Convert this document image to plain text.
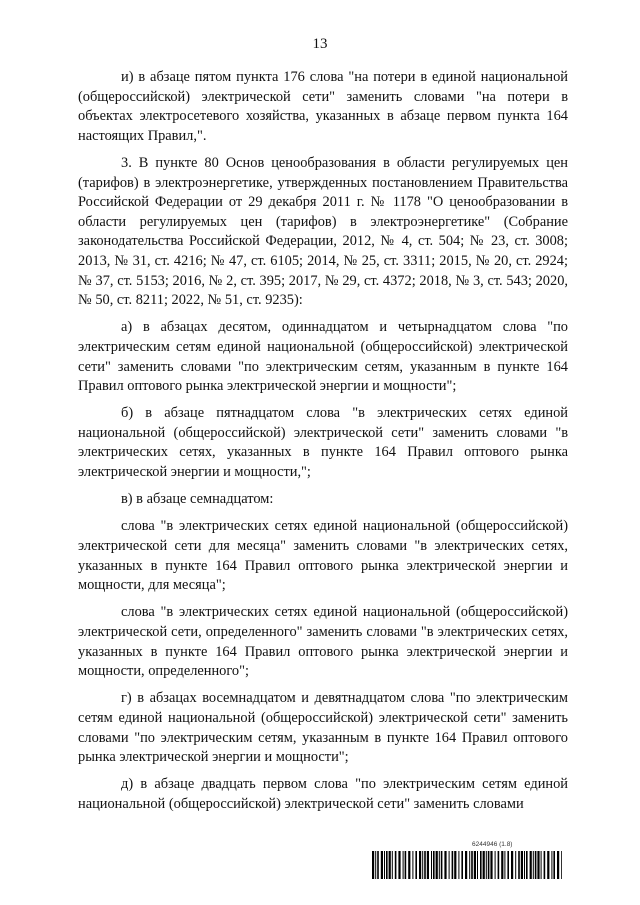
13

и) в абзаце пятом пункта 176 слова "на потери в единой национальной (общероссийской) электрической сети" заменить словами "на потери в объектах электросетевого хозяйства, указанных в абзаце первом пункта 164 настоящих Правил,".

3. В пункте 80 Основ ценообразования в области регулируемых цен (тарифов) в электроэнергетике, утвержденных постановлением Правительства Российской Федерации от 29 декабря 2011 г. № 1178 "О ценообразовании в области регулируемых цен (тарифов) в электроэнергетике" (Собрание законодательства Российской Федерации, 2012, № 4, ст. 504; № 23, ст. 3008; 2013, № 31, ст. 4216; № 47, ст. 6105; 2014, № 25, ст. 3311; 2015, № 20, ст. 2924; № 37, ст. 5153; 2016, № 2, ст. 395; 2017, № 29, ст. 4372; 2018, № 3, ст. 543; 2020, № 50, ст. 8211; 2022, № 51, ст. 9235):

а) в абзацах десятом, одиннадцатом и четырнадцатом слова "по электрическим сетям единой национальной (общероссийской) электрической сети" заменить словами "по электрическим сетям, указанным в пункте 164 Правил оптового рынка электрической энергии и мощности";

б) в абзаце пятнадцатом слова "в электрических сетях единой национальной (общероссийской) электрической сети" заменить словами "в электрических сетях, указанных в пункте 164 Правил оптового рынка электрической энергии и мощности,";

в) в абзаце семнадцатом:

слова "в электрических сетях единой национальной (общероссийской) электрической сети для месяца" заменить словами "в электрических сетях, указанных в пункте 164 Правил оптового рынка электрической энергии и мощности, для месяца";

слова "в электрических сетях единой национальной (общероссийской) электрической сети, определенного" заменить словами "в электрических сетях, указанных в пункте 164 Правил оптового рынка электрической энергии и мощности, определенного";

г) в абзацах восемнадцатом и девятнадцатом слова "по электрическим сетям единой национальной (общероссийской) электрической сети" заменить словами "по электрическим сетям, указанным в пункте 164 Правил оптового рынка электрической энергии и мощности";

д) в абзаце двадцать первом слова "по электрическим сетям единой национальной (общероссийской) электрической сети" заменить словами

6244946 (1.8)
